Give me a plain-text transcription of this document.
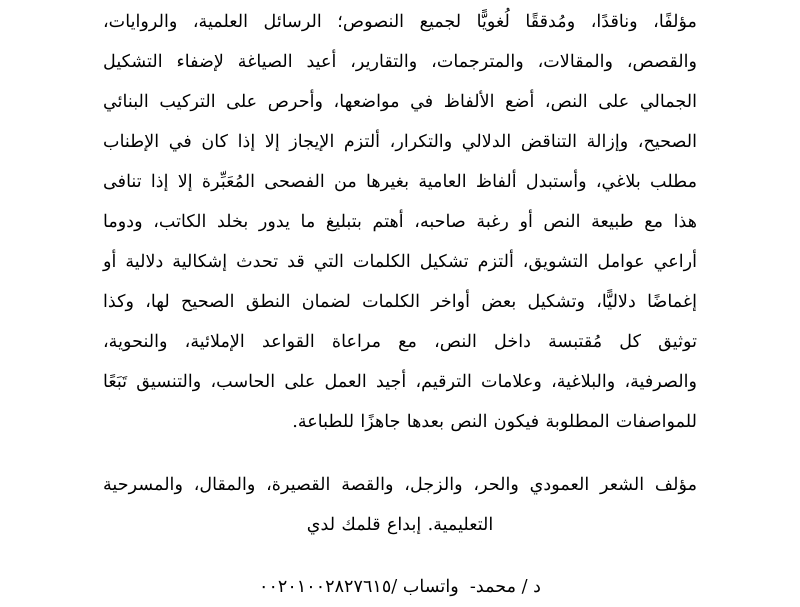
مؤلفًا، وناقدًا، ومُدققًا لُغويًّا لجميع النصوص؛ الرسائل العلمية، والروايات،
والقصص، والمقالات، والمترجمات، والتقارير، أعيد الصياغة لإضفاء التشكيل
الجمالي على النص، أضع الألفاظ في مواضعها، وأحرص على التركيب البنائي
الصحيح، وإزالة التناقض الدلالي والتكرار، ألتزم الإيجاز إلا إذا كان في الإطناب
مطلب بلاغي، وأستبدل ألفاظ العامية بغيرها من الفصحى المُعَبِّرة إلا إذا تنافى
هذا مع طبيعة النص أو رغبة صاحبه، أهتم بتبليغ ما يدور بخلد الكاتب، ودوما
أراعي عوامل التشويق، ألتزم تشكيل الكلمات التي قد تحدث إشكالية دلالية أو
إغماضًا دلاليًّا، وتشكيل بعض أواخر الكلمات لضمان النطق الصحيح لها، وكذا
توثيق كل مُقتبسة داخل النص، مع مراعاة القواعد الإملائية، والنحوية،
والصرفية، والبلاغية، وعلامات الترقيم، أجيد العمل على الحاسب، والتنسيق تَبَعًا
للمواصفات المطلوبة فيكون النص بعدها جاهزًا للطباعة.
مؤلف الشعر العمودي والحر، والزجل، والقصة القصيرة، والمقال، والمسرحية
التعليمية. إبداع قلمك لدي
د / محمد-  واتساب /٠٠٢٠١٠٠٢٨٢٧٦١٥
